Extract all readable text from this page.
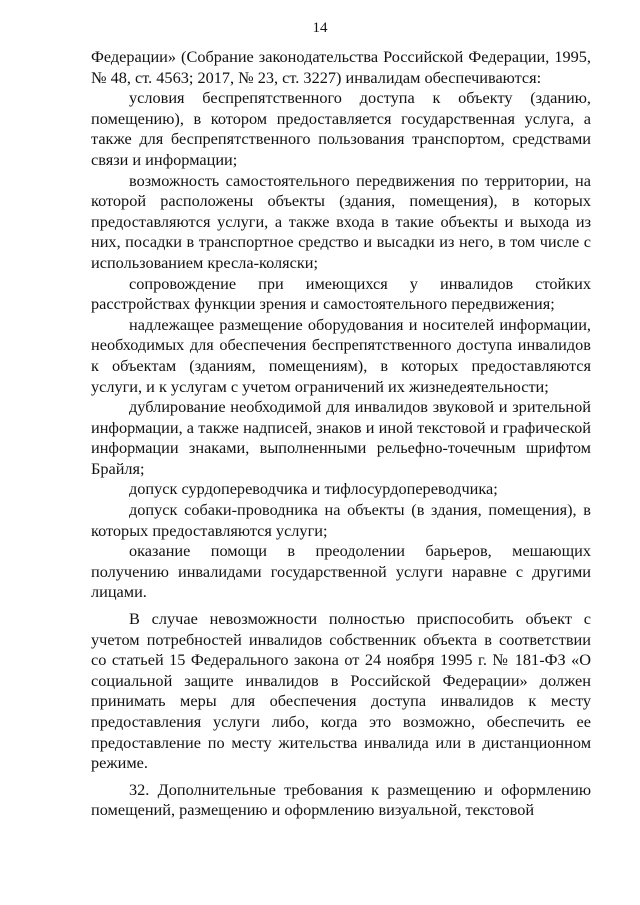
14

Федерации» (Собрание законодательства Российской Федерации, 1995, № 48, ст. 4563; 2017, № 23, ст. 3227) инвалидам обеспечиваются:

условия беспрепятственного доступа к объекту (зданию, помещению), в котором предоставляется государственная услуга, а также для беспрепятственного пользования транспортом, средствами связи и информации;

возможность самостоятельного передвижения по территории, на которой расположены объекты (здания, помещения), в которых предоставляются услуги, а также входа в такие объекты и выхода из них, посадки в транспортное средство и высадки из него, в том числе с использованием кресла-коляски;

сопровождение при имеющихся у инвалидов стойких расстройствах функции зрения и самостоятельного передвижения;

надлежащее размещение оборудования и носителей информации, необходимых для обеспечения беспрепятственного доступа инвалидов к объектам (зданиям, помещениям), в которых предоставляются услуги, и к услугам с учетом ограничений их жизнедеятельности;

дублирование необходимой для инвалидов звуковой и зрительной информации, а также надписей, знаков и иной текстовой и графической информации знаками, выполненными рельефно-точечным шрифтом Брайля;

допуск сурдопереводчика и тифлосурдопереводчика;

допуск собаки-проводника на объекты (в здания, помещения), в которых предоставляются услуги;

оказание помощи в преодолении барьеров, мешающих получению инвалидами государственной услуги наравне с другими лицами.

В случае невозможности полностью приспособить объект с учетом потребностей инвалидов собственник объекта в соответствии со статьей 15 Федерального закона от 24 ноября 1995 г. № 181-ФЗ «О социальной защите инвалидов в Российской Федерации» должен принимать меры для обеспечения доступа инвалидов к месту предоставления услуги либо, когда это возможно, обеспечить ее предоставление по месту жительства инвалида или в дистанционном режиме.

32. Дополнительные требования к размещению и оформлению помещений, размещению и оформлению визуальной, текстовой
